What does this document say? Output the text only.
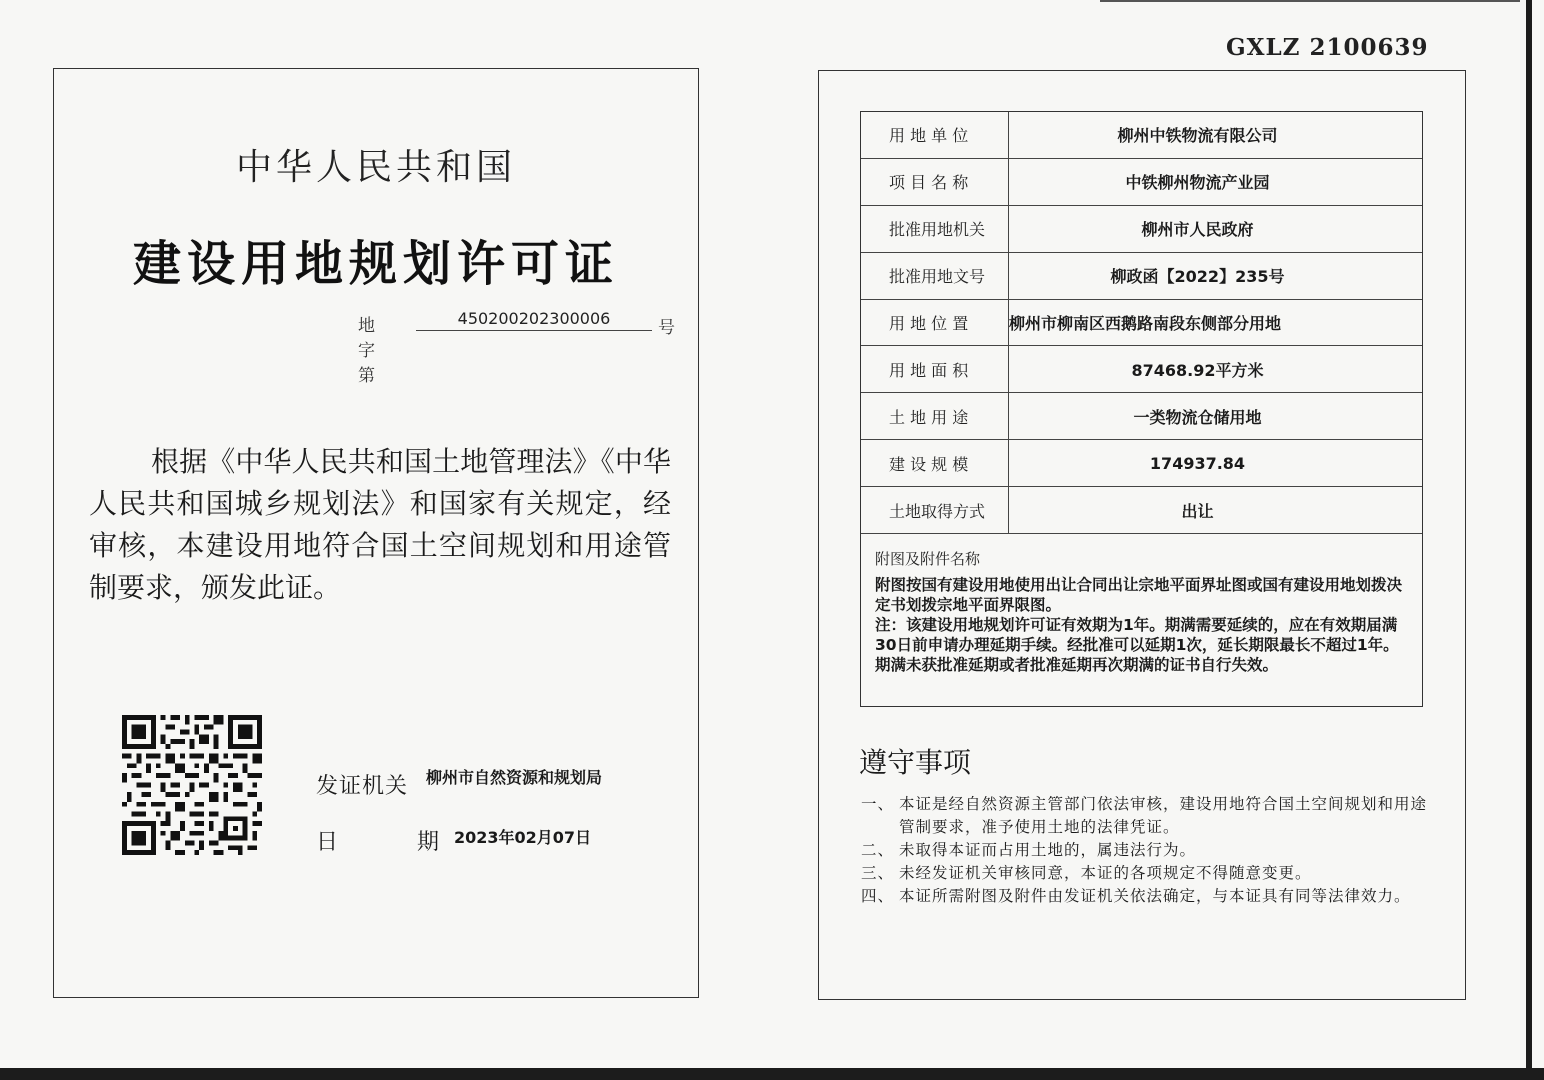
GXLZ 2100639
中华人民共和国
建设用地规划许可证
地字第
450200202300006	号
根据《中华人民共和国土地管理法》《中华人民共和国城乡规划法》和国家有关规定，经审核，本建设用地符合国土空间规划和用途管制要求，颁发此证。
发证机关 柳州市自然资源和规划局
日 期
2023年02月07日
用 地 单 位	柳州中铁物流有限公司
项 目 名 称	中铁柳州物流产业园
批准用地机关	柳州市人民政府
批准用地文号	柳政函【2022】235号
用 地 位 置	柳州市柳南区西鹅路南段东侧部分用地
用 地 面 积	87468.92平方米
土 地 用 途	一类物流仓储用地
建 设 规 模	174937.84
土地取得方式	出让
附图及附件名称
附图按国有建设用地使用出让合同出让宗地平面界址图或国有建设用地划拨决定书划拨宗地平面界限图。
注：该建设用地规划许可证有效期为1年。期满需要延续的，应在有效期届满30日前申请办理延期手续。经批准可以延期1次，延长期限最长不超过1年。期满未获批准延期或者批准延期再次期满的证书自行失效。
遵守事项
一、 本证是经自然资源主管部门依法审核，建设用地符合国土空间规划和用途管制要求，准予使用土地的法律凭证。
二、 未取得本证而占用土地的，属违法行为。
三、 未经发证机关审核同意，本证的各项规定不得随意变更。
四、 本证所需附图及附件由发证机关依法确定，与本证具有同等法律效力。
